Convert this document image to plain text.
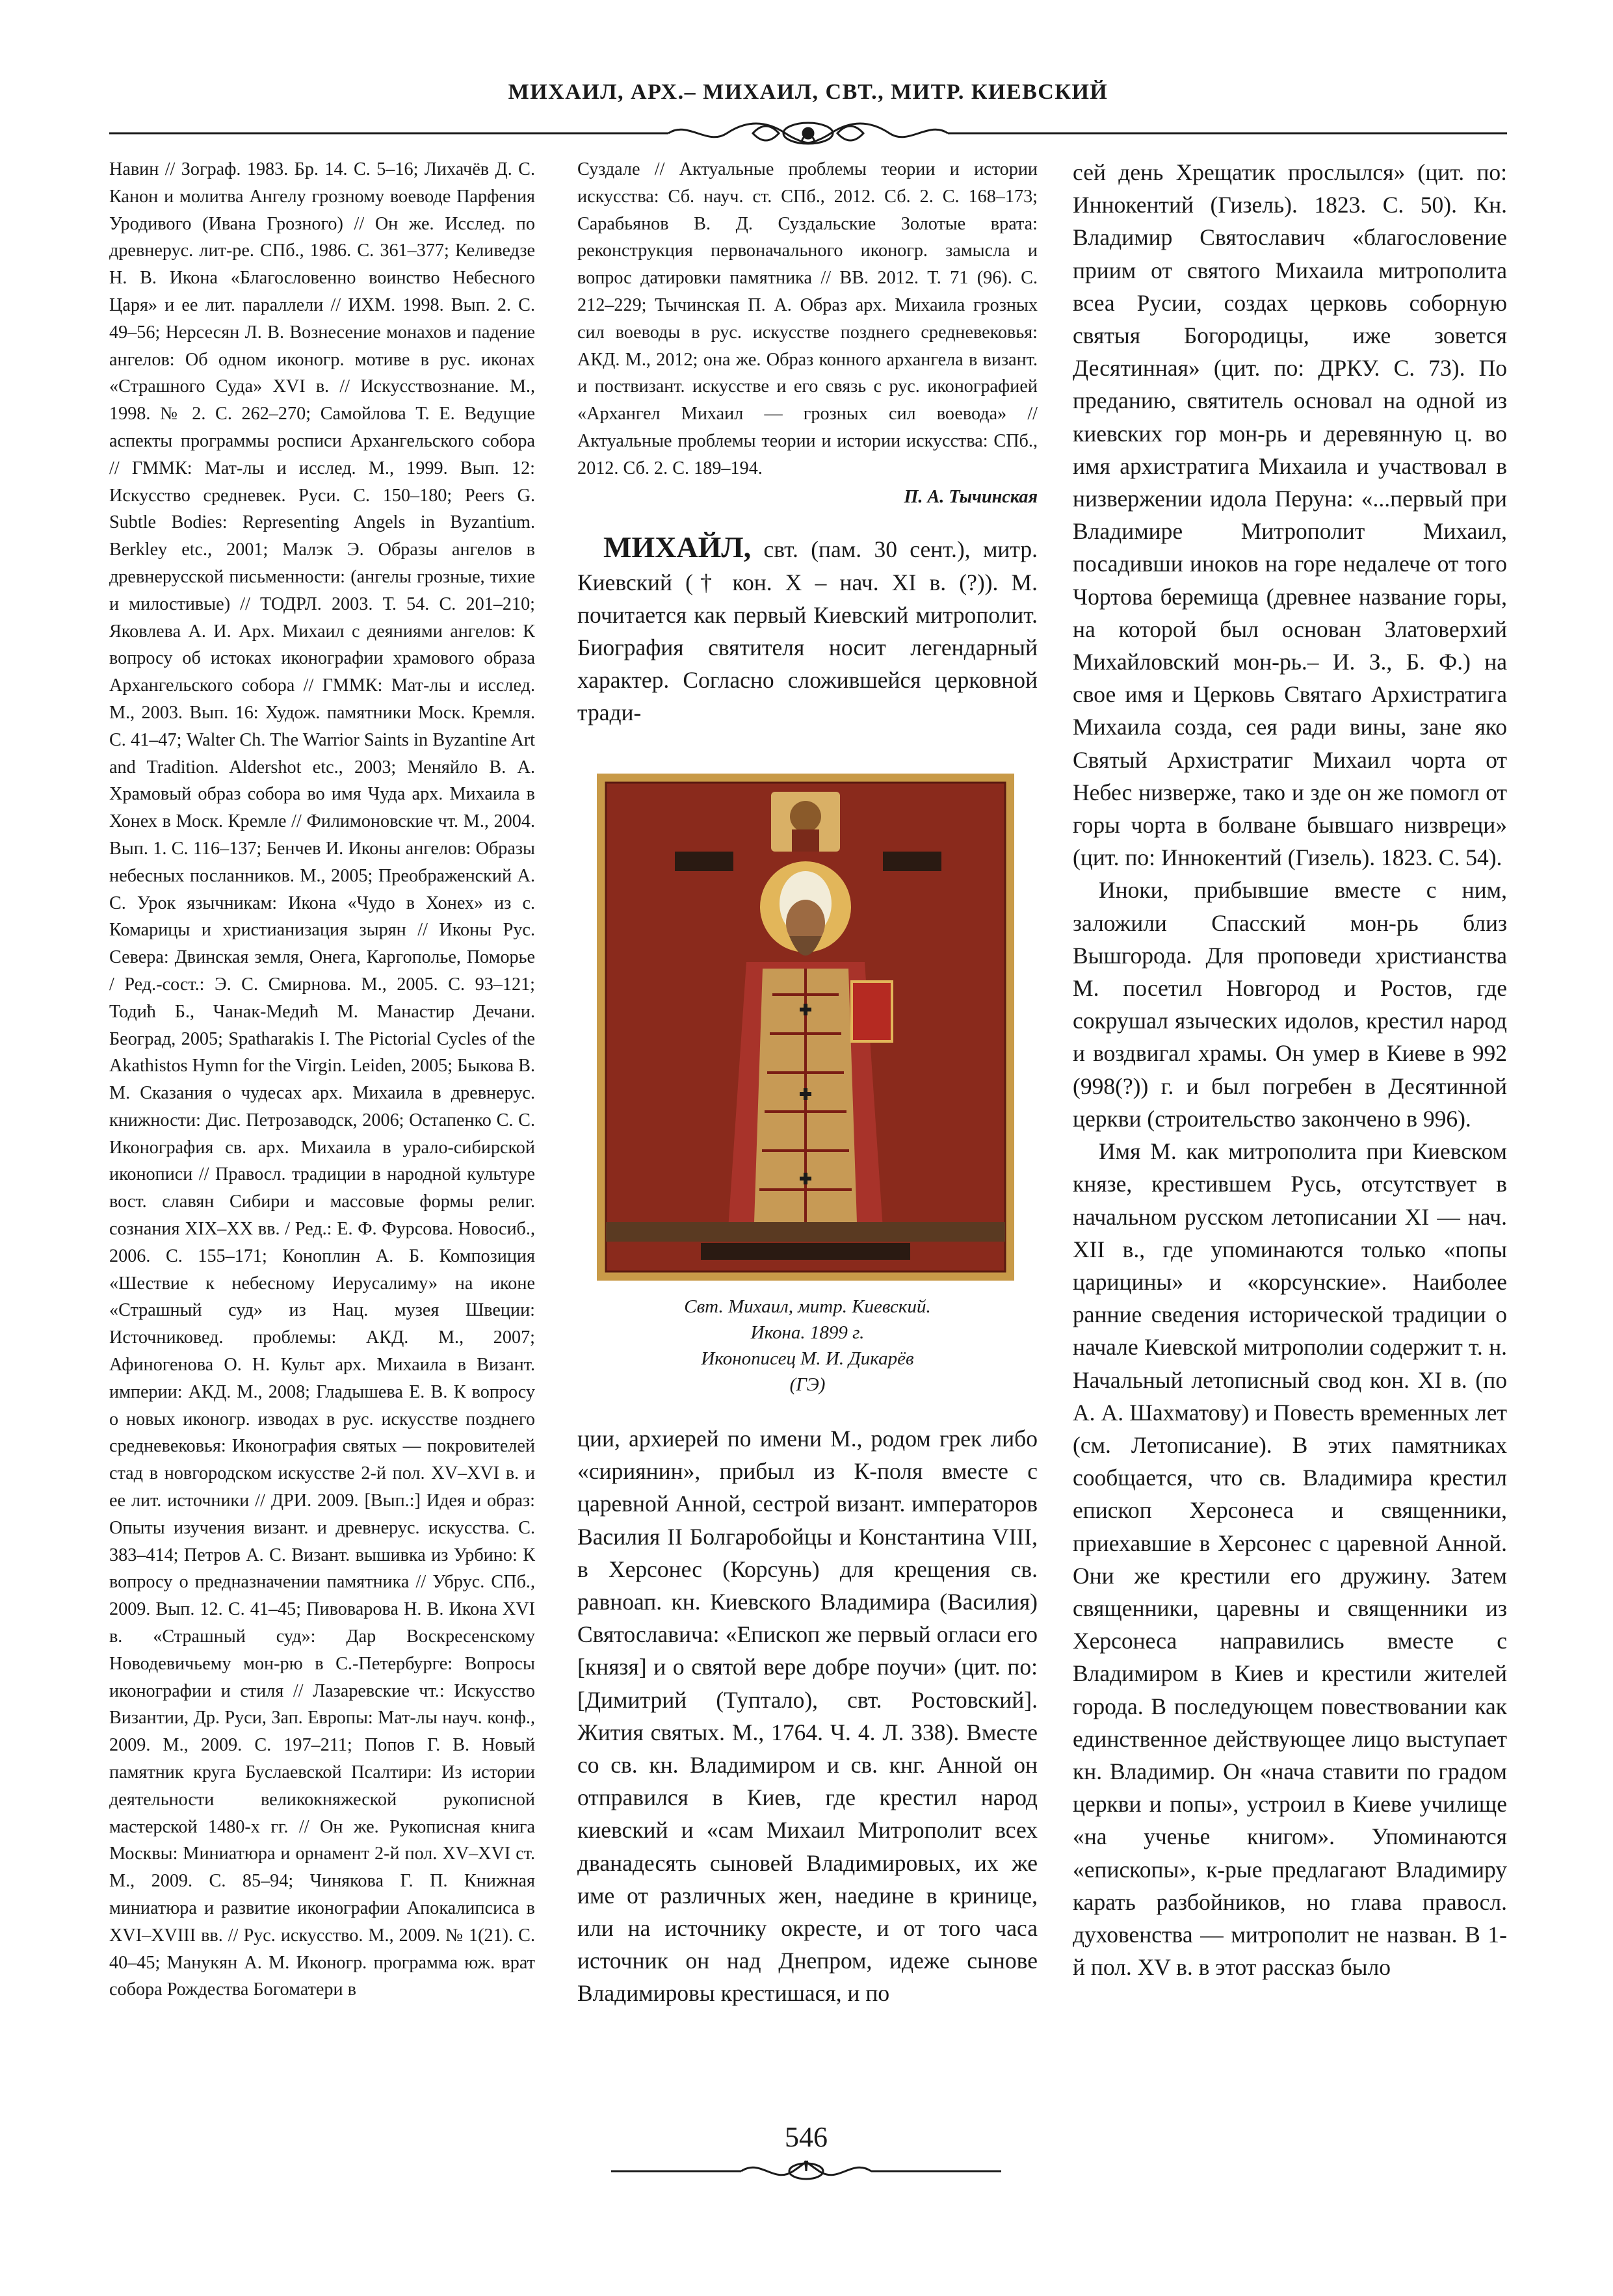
МИХАИЛ, АРХ.– МИХАИЛ, СВТ., МИТР. КИЕВСКИЙ

Навин // Зограф. 1983. Бр. 14. С. 5–16; Лихачёв Д. С. Канон и молитва Ангелу грозному воеводе Парфения Уродивого (Ивана Грозного) // Он же. Исслед. по древнерус. лит-ре. СПб., 1986. С. 361–377; Келиведзе Н. В. Икона «Благословенно воинство Небесного Царя» и ее лит. параллели // ИХМ. 1998. Вып. 2. С. 49–56; Нерсесян Л. В. Вознесение монахов и падение ангелов: Об одном иконогр. мотиве в рус. иконах «Страшного Суда» XVI в. // Искусствознание. М., 1998. № 2. С. 262–270; Самойлова Т. Е. Ведущие аспекты программы росписи Архангельского собора // ГММК: Мат-лы и исслед. М., 1999. Вып. 12: Искусство средневек. Руси. С. 150–180; Peers G. Subtle Bodies: Representing Angels in Byzantium. Berkley etc., 2001; Малэк Э. Образы ангелов в древнерусской письменности: (ангелы грозные, тихие и милостивые) // ТОДРЛ. 2003. Т. 54. С. 201–210; Яковлева А. И. Арх. Михаил с деяниями ангелов: К вопросу об истоках иконографии храмового образа Архангельского собора // ГММК: Мат-лы и исслед. М., 2003. Вып. 16: Худож. памятники Моск. Кремля. С. 41–47; Walter Ch. The Warrior Saints in Byzantine Art and Tradition. Aldershot etc., 2003; Меняйло В. А. Храмовый образ собора во имя Чуда арх. Михаила в Хонех в Моск. Кремле // Филимоновские чт. М., 2004. Вып. 1. С. 116–137; Бенчев И. Иконы ангелов: Образы небесных посланников. М., 2005; Преображенский А. С. Урок язычникам: Икона «Чудо в Хонех» из с. Комарицы и христианизация зырян // Иконы Рус. Севера: Двинская земля, Онега, Каргополье, Поморье / Ред.-сост.: Э. С. Смирнова. М., 2005. С. 93–121; Тодић Б., Чанак-Медић М. Манастир Дечани. Београд, 2005; Spatharakis I. The Pictorial Cycles of the Akathistos Hymn for the Virgin. Leiden, 2005; Быкова В. М. Сказания о чудесах арх. Михаила в древнерус. книжности: Дис. Петрозаводск, 2006; Остапенко С. С. Иконография св. арх. Михаила в урало-сибирской иконописи // Правосл. традиции в народной культуре вост. славян Сибири и массовые формы религ. сознания XIX–XX вв. / Ред.: Е. Ф. Фурсова. Новосиб., 2006. С. 155–171; Коноплин А. Б. Композиция «Шествие к небесному Иерусалиму» на иконе «Страшный суд» из Нац. музея Швеции: Источниковед. проблемы: АКД. М., 2007; Афиногенова О. Н. Культ арх. Михаила в Визант. империи: АКД. М., 2008; Гладышева Е. В. К вопросу о новых иконогр. изводах в рус. искусстве позднего средневековья: Иконография святых — покровителей стад в новгородском искусстве 2-й пол. XV–XVI в. и ее лит. источники // ДРИ. 2009. [Вып.:] Идея и образ: Опыты изучения визант. и древнерус. искусства. С. 383–414; Петров А. С. Визант. вышивка из Урбино: К вопросу о предназначении памятника // Убрус. СПб., 2009. Вып. 12. С. 41–45; Пивоварова Н. В. Икона XVI в. «Страшный суд»: Дар Воскресенскому Новодевичьему мон-рю в С.-Петербурге: Вопросы иконографии и стиля // Лазаревские чт.: Искусство Византии, Др. Руси, Зап. Европы: Мат-лы науч. конф., 2009. М., 2009. С. 197–211; Попов Г. В. Новый памятник круга Буслаевской Псалтири: Из истории деятельности великокняжеской рукописной мастерской 1480-х гг. // Он же. Рукописная книга Москвы: Миниатюра и орнамент 2-й пол. XV–XVI ст. М., 2009. С. 85–94; Чинякова Г. П. Книжная миниатюра и развитие иконографии Апокалипсиса в XVI–XVIII вв. // Рус. искусство. М., 2009. № 1(21). С. 40–45; Манукян А. М. Иконогр. программа юж. врат собора Рождества Богоматери в

Суздале // Актуальные проблемы теории и истории искусства: Сб. науч. ст. СПб., 2012. Сб. 2. С. 168–173; Сарабьянов В. Д. Суздальские Золотые врата: реконструкция первоначального иконогр. замысла и вопрос датировки памятника // ВВ. 2012. Т. 71 (96). С. 212–229; Тычинская П. А. Образ арх. Михаила грозных сил воеводы в рус. искусстве позднего средневековья: АКД. М., 2012; она же. Образ конного архангела в визант. и поствизант. искусстве и его связь с рус. иконографией «Архангел Михаил — грозных сил воевода» // Актуальные проблемы теории и истории искусства: СПб., 2012. Сб. 2. С. 189–194.

П. А. Тычинская

МИХАЙЛ, свт. (пам. 30 сент.), митр. Киевский († кон. X – нач. XI в. (?)). М. почитается как первый Киевский митрополит. Биография святителя носит легендарный характер. Согласно сложившейся церковной тради-

Свт. Михаил, митр. Киевский.
Икона. 1899 г.
Иконописец М. И. Дикарёв
(ГЭ)

ции, архиерей по имени М., родом грек либо «сириянин», прибыл из К-поля вместе с царевной Анной, сестрой визант. императоров Василия II Болгаробойцы и Константина VIII, в Херсонес (Корсунь) для крещения св. равноап. кн. Киевского Владимира (Василия) Святославича: «Епископ же первый огласи его [князя] и о святой вере добре поучи» (цит. по: [Димитрий (Туптало), свт. Ростовский]. Жития святых. М., 1764. Ч. 4. Л. 338). Вместе со св. кн. Владимиром и св. кнг. Анной он отправился в Киев, где крестил народ киевский и «сам Михаил Митрополит всех дванадесять сыновей Владимировых, их же име от различных жен, наедине в кринице, или на источнику окресте, и от того часа источник он над Днепром, идеже сынове Владимировы крестишася, и по

сей день Хрещатик прослылся» (цит. по: Иннокентий (Гизель). 1823. С. 50). Кн. Владимир Святославич «благословение приим от святого Михаила митрополита всеа Русии, создах церковь соборную святыя Богородицы, иже зовется Десятинная» (цит. по: ДРКУ. С. 73). По преданию, святитель основал на одной из киевских гор мон-рь и деревянную ц. во имя архистратига Михаила и участвовал в низвержении идола Перуна: «...первый при Владимире Митрополит Михаил, посадивши иноков на горе недалече от того Чортова беремища (древнее название горы, на которой был основан Златоверхий Михайловский мон-рь.– И. З., Б. Ф.) на свое имя и Церковь Святаго Архистратига Михаила созда, сея ради вины, зане яко Святый Архистратиг Михаил чорта от Небес низвержe, тако и зде он же помогл от горы чорта в болване бывшаго низвреци» (цит. по: Иннокентий (Гизель). 1823. С. 54).

Иноки, прибывшие вместе с ним, заложили Спасский мон-рь близ Вышгорода. Для проповеди христианства М. посетил Новгород и Ростов, где сокрушал языческих идолов, крестил народ и воздвигал храмы. Он умер в Киеве в 992 (998(?)) г. и был погребен в Десятинной церкви (строительство закончено в 996).

Имя М. как митрополита при Киевском князе, крестившем Русь, отсутствует в начальном русском летописании XI — нач. XII в., где упоминаются только «попы царицины» и «корсунские». Наиболее ранние сведения исторической традиции о начале Киевской митрополии содержит т. н. Начальный летописный свод кон. XI в. (по А. А. Шахматову) и Повесть временных лет (см. Летописание). В этих памятниках сообщается, что св. Владимира крестил епископ Херсонеса и священники, приехавшие в Херсонес с царевной Анной. Они же крестили его дружину. Затем священники, царевны и священники из Херсонеса направились вместе с Владимиром в Киев и крестили жителей города. В последующем повествовании как единственное действующее лицо выступает кн. Владимир. Он «нача ставити по градом церкви и попы», устроил в Киеве училище «на ученье книгом». Упоминаются «епископы», к-рые предлагают Владимиру карать разбойников, но глава правосл. духовенства — митрополит не назван. В 1-й пол. XV в. в этот рассказ было

546
